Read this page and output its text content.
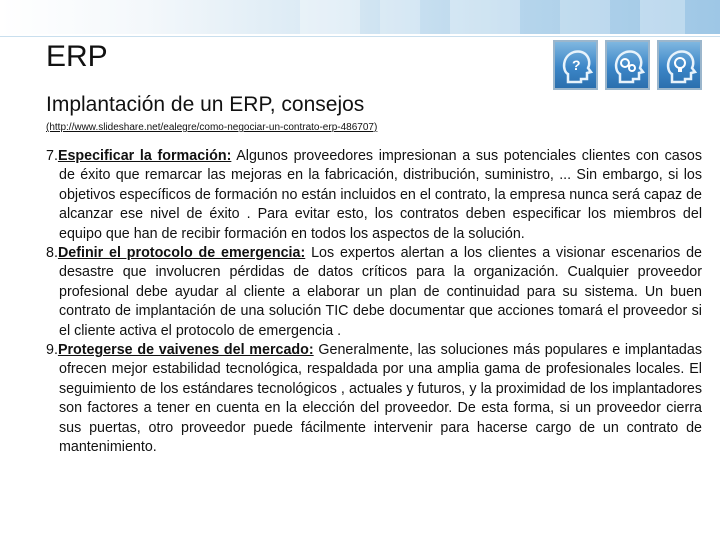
ERP
Implantación de un ERP, consejos
(http://www.slideshare.net/ealegre/como-negociar-un-contrato-erp-486707)
?

7.Especificar la formación: Algunos proveedores impresionan a sus potenciales clientes con casos de éxito que remarcar las mejoras en la fabricación, distribución, suministro, ... Sin embargo, si los objetivos específicos de formación no están incluidos en el contrato, la empresa nunca será capaz de alcanzar ese nivel de éxito . Para evitar esto, los contratos deben especificar los miembros del equipo que han de recibir formación en todos los aspectos de la solución.

8.Definir el protocolo de emergencia: Los expertos alertan a los clientes a visionar escenarios de desastre que involucren pérdidas de datos críticos para la organización. Cualquier proveedor profesional debe ayudar al cliente a elaborar un plan de continuidad para su sistema. Un buen contrato de implantación de una solución TIC debe documentar que acciones tomará el proveedor si el cliente activa el protocolo de emergencia .

9.Protegerse de vaivenes del mercado: Generalmente, las soluciones más populares e implantadas ofrecen mejor estabilidad tecnológica, respaldada por una amplia gama de profesionales locales. El seguimiento de los estándares tecnológicos , actuales y futuros, y la proximidad de los implantadores son factores a tener en cuenta en la elección del proveedor. De esta forma, si un proveedor cierra sus puertas, otro proveedor puede fácilmente intervenir para hacerse cargo de un contrato de mantenimiento.
